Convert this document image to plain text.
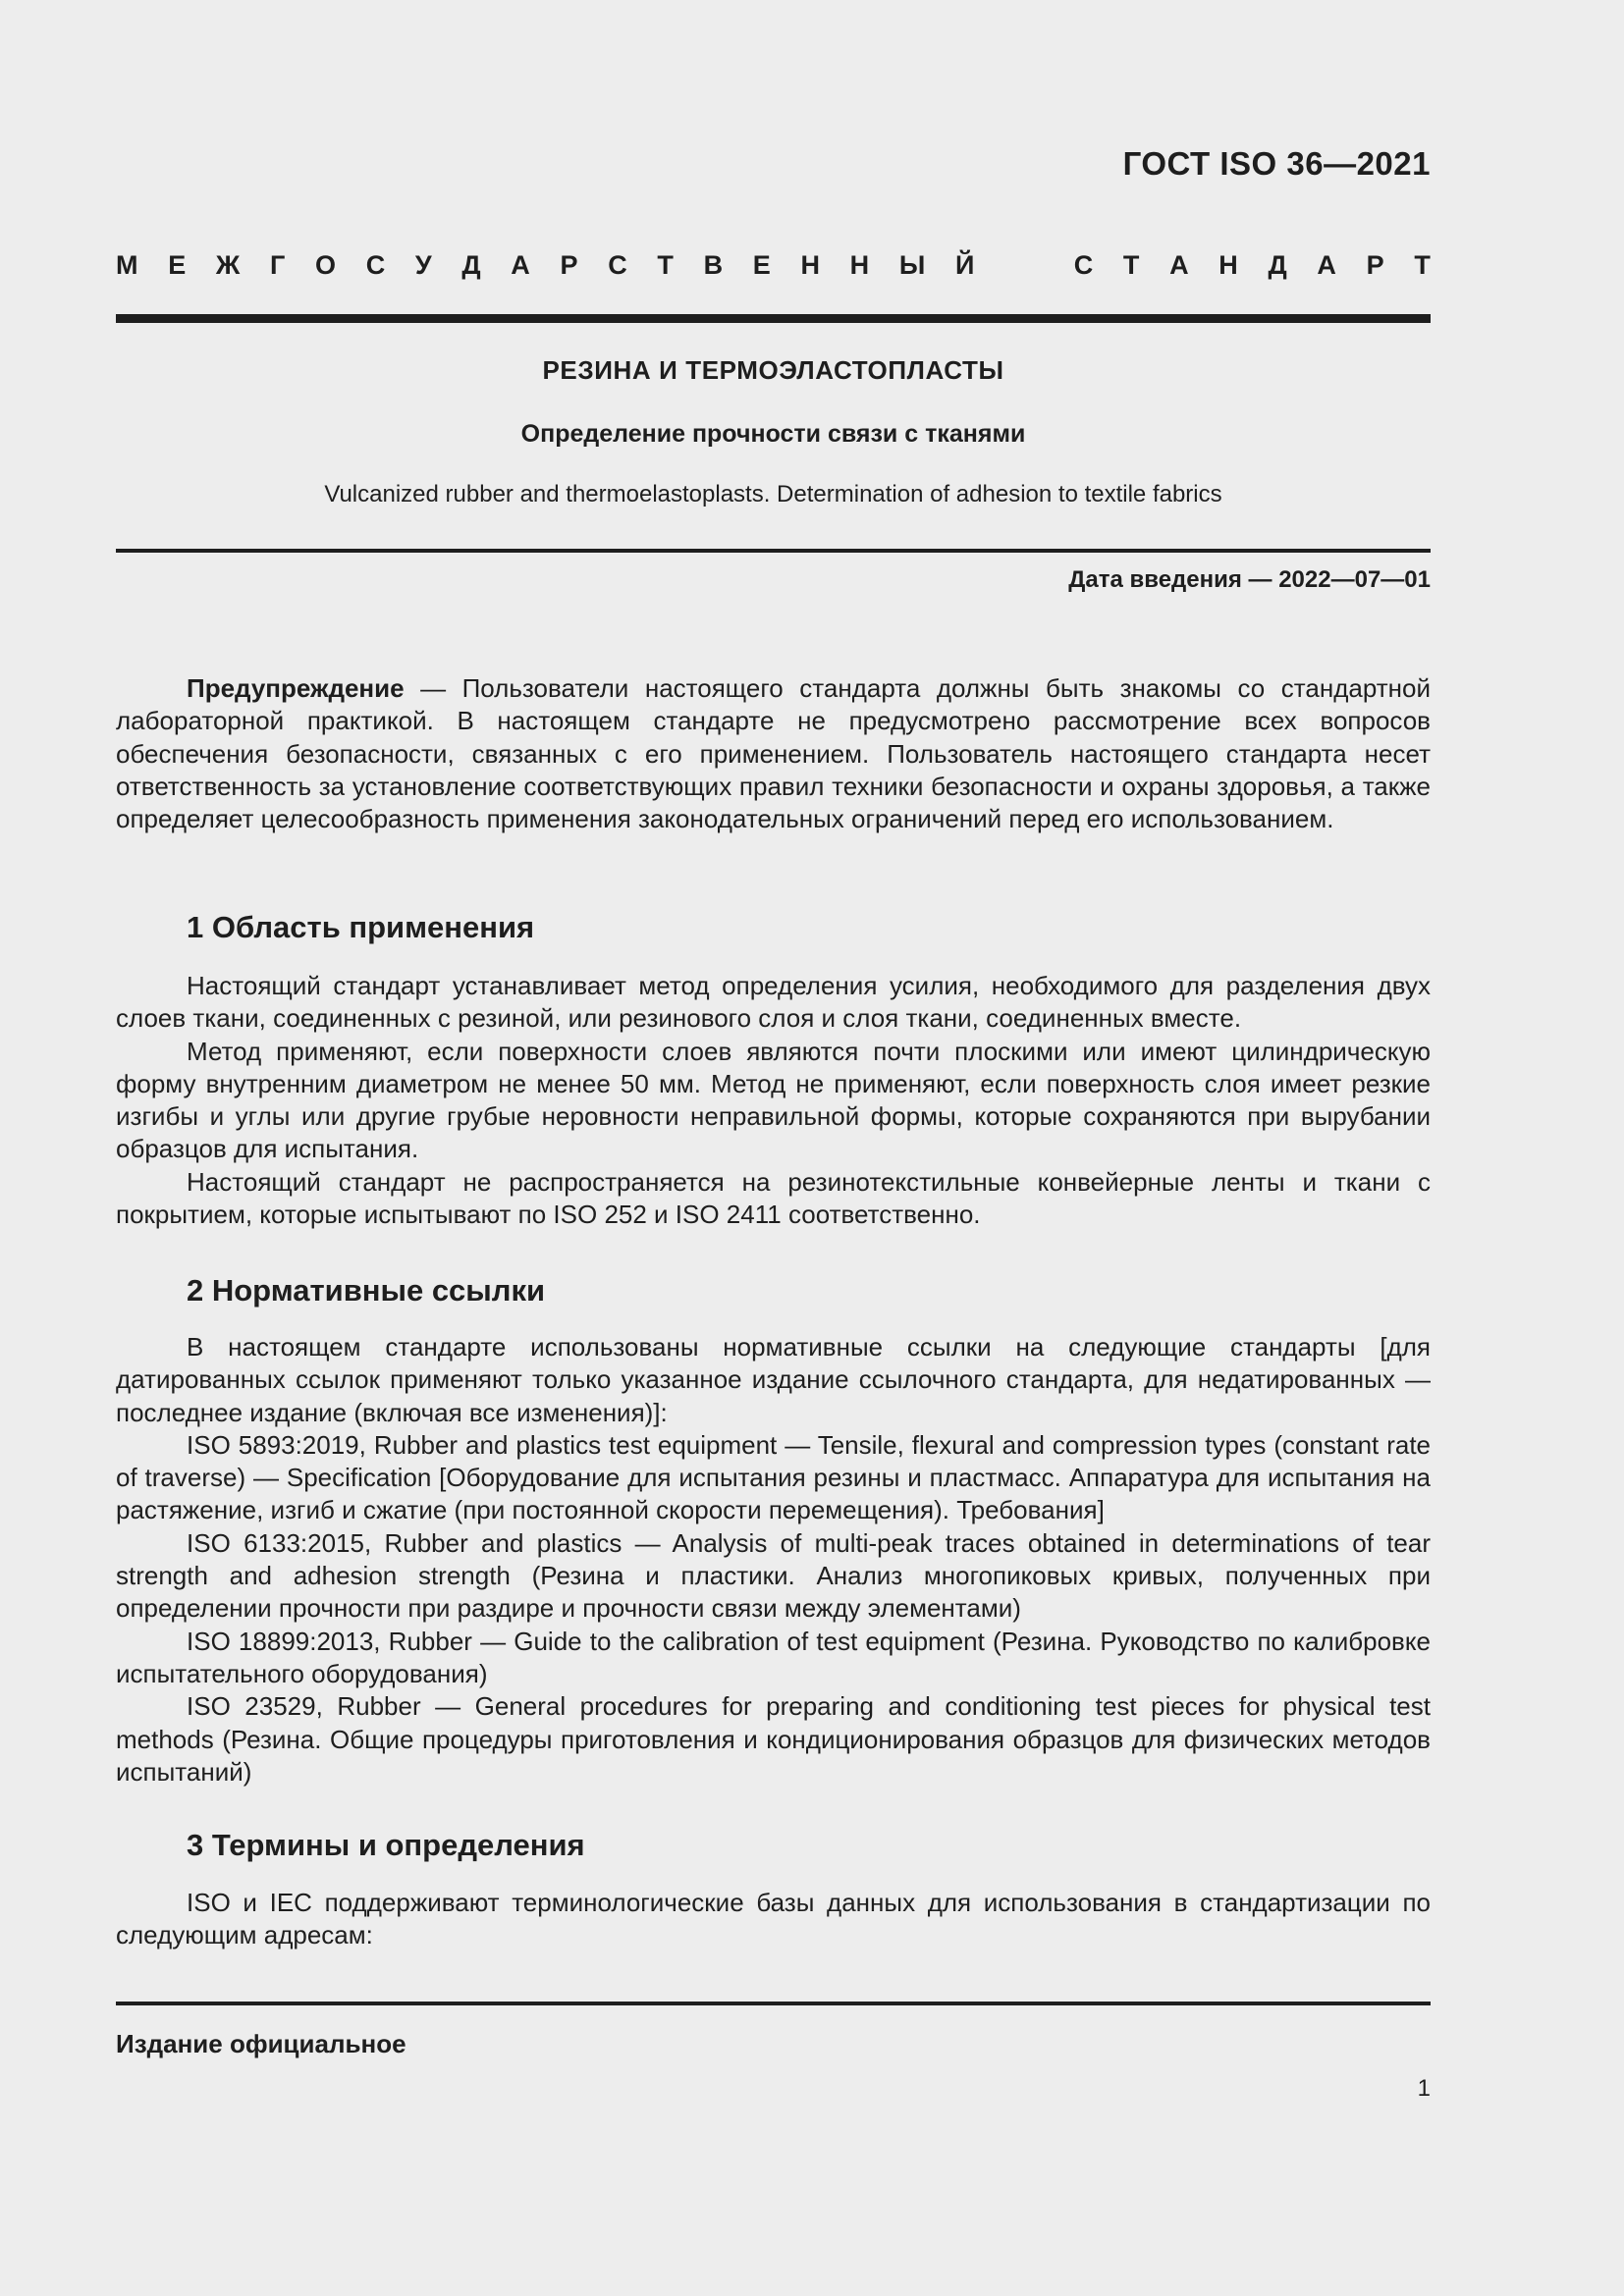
ГОСТ ISO 36—2021
М Е Ж Г О С У Д А Р С Т В Е Н Н Ы Й	С Т А Н Д А Р Т
РЕЗИНА И ТЕРМОЭЛАСТОПЛАСТЫ
Определение прочности связи с тканями
Vulcanized rubber and thermoelastoplasts. Determination of adhesion to textile fabrics
Дата введения — 2022—07—01

Предупреждение — Пользователи настоящего стандарта должны быть знакомы со стандартной лабораторной практикой. В настоящем стандарте не предусмотрено рассмотрение всех вопросов обеспечения безопасности, связанных с его применением. Пользователь настоящего стандарта несет ответственность за установление соответствующих правил техники безопасности и охраны здоровья, а также определяет целесообразность применения законодательных ограничений перед его использованием.

1 Область применения

Настоящий стандарт устанавливает метод определения усилия, необходимого для разделения двух слоев ткани, соединенных с резиной, или резинового слоя и слоя ткани, соединенных вместе.

Метод применяют, если поверхности слоев являются почти плоскими или имеют цилиндрическую форму внутренним диаметром не менее 50 мм. Метод не применяют, если поверхность слоя имеет резкие изгибы и углы или другие грубые неровности неправильной формы, которые сохраняются при вырубании образцов для испытания.

Настоящий стандарт не распространяется на резинотекстильные конвейерные ленты и ткани с покрытием, которые испытывают по ISO 252 и ISO 2411 соответственно.

2 Нормативные ссылки

В настоящем стандарте использованы нормативные ссылки на следующие стандарты [для датированных ссылок применяют только указанное издание ссылочного стандарта, для недатированных — последнее издание (включая все изменения)]:

ISO 5893:2019, Rubber and plastics test equipment — Tensile, flexural and compression types (constant rate of traverse) — Specification [Оборудование для испытания резины и пластмасс. Аппаратура для испытания на растяжение, изгиб и сжатие (при постоянной скорости перемещения). Требования]

ISO 6133:2015, Rubber and plastics — Analysis of multi-peak traces obtained in determinations of tear strength and adhesion strength (Резина и пластики. Анализ многопиковых кривых, полученных при определении прочности при раздире и прочности связи между элементами)

ISO 18899:2013, Rubber — Guide to the calibration of test equipment (Резина. Руководство по калибровке испытательного оборудования)

ISO 23529, Rubber — General procedures for preparing and conditioning test pieces for physical test methods (Резина. Общие процедуры приготовления и кондиционирования образцов для физических методов испытаний)

3 Термины и определения

ISO и IEC поддерживают терминологические базы данных для использования в стандартизации по следующим адресам:

Издание официальное
1
